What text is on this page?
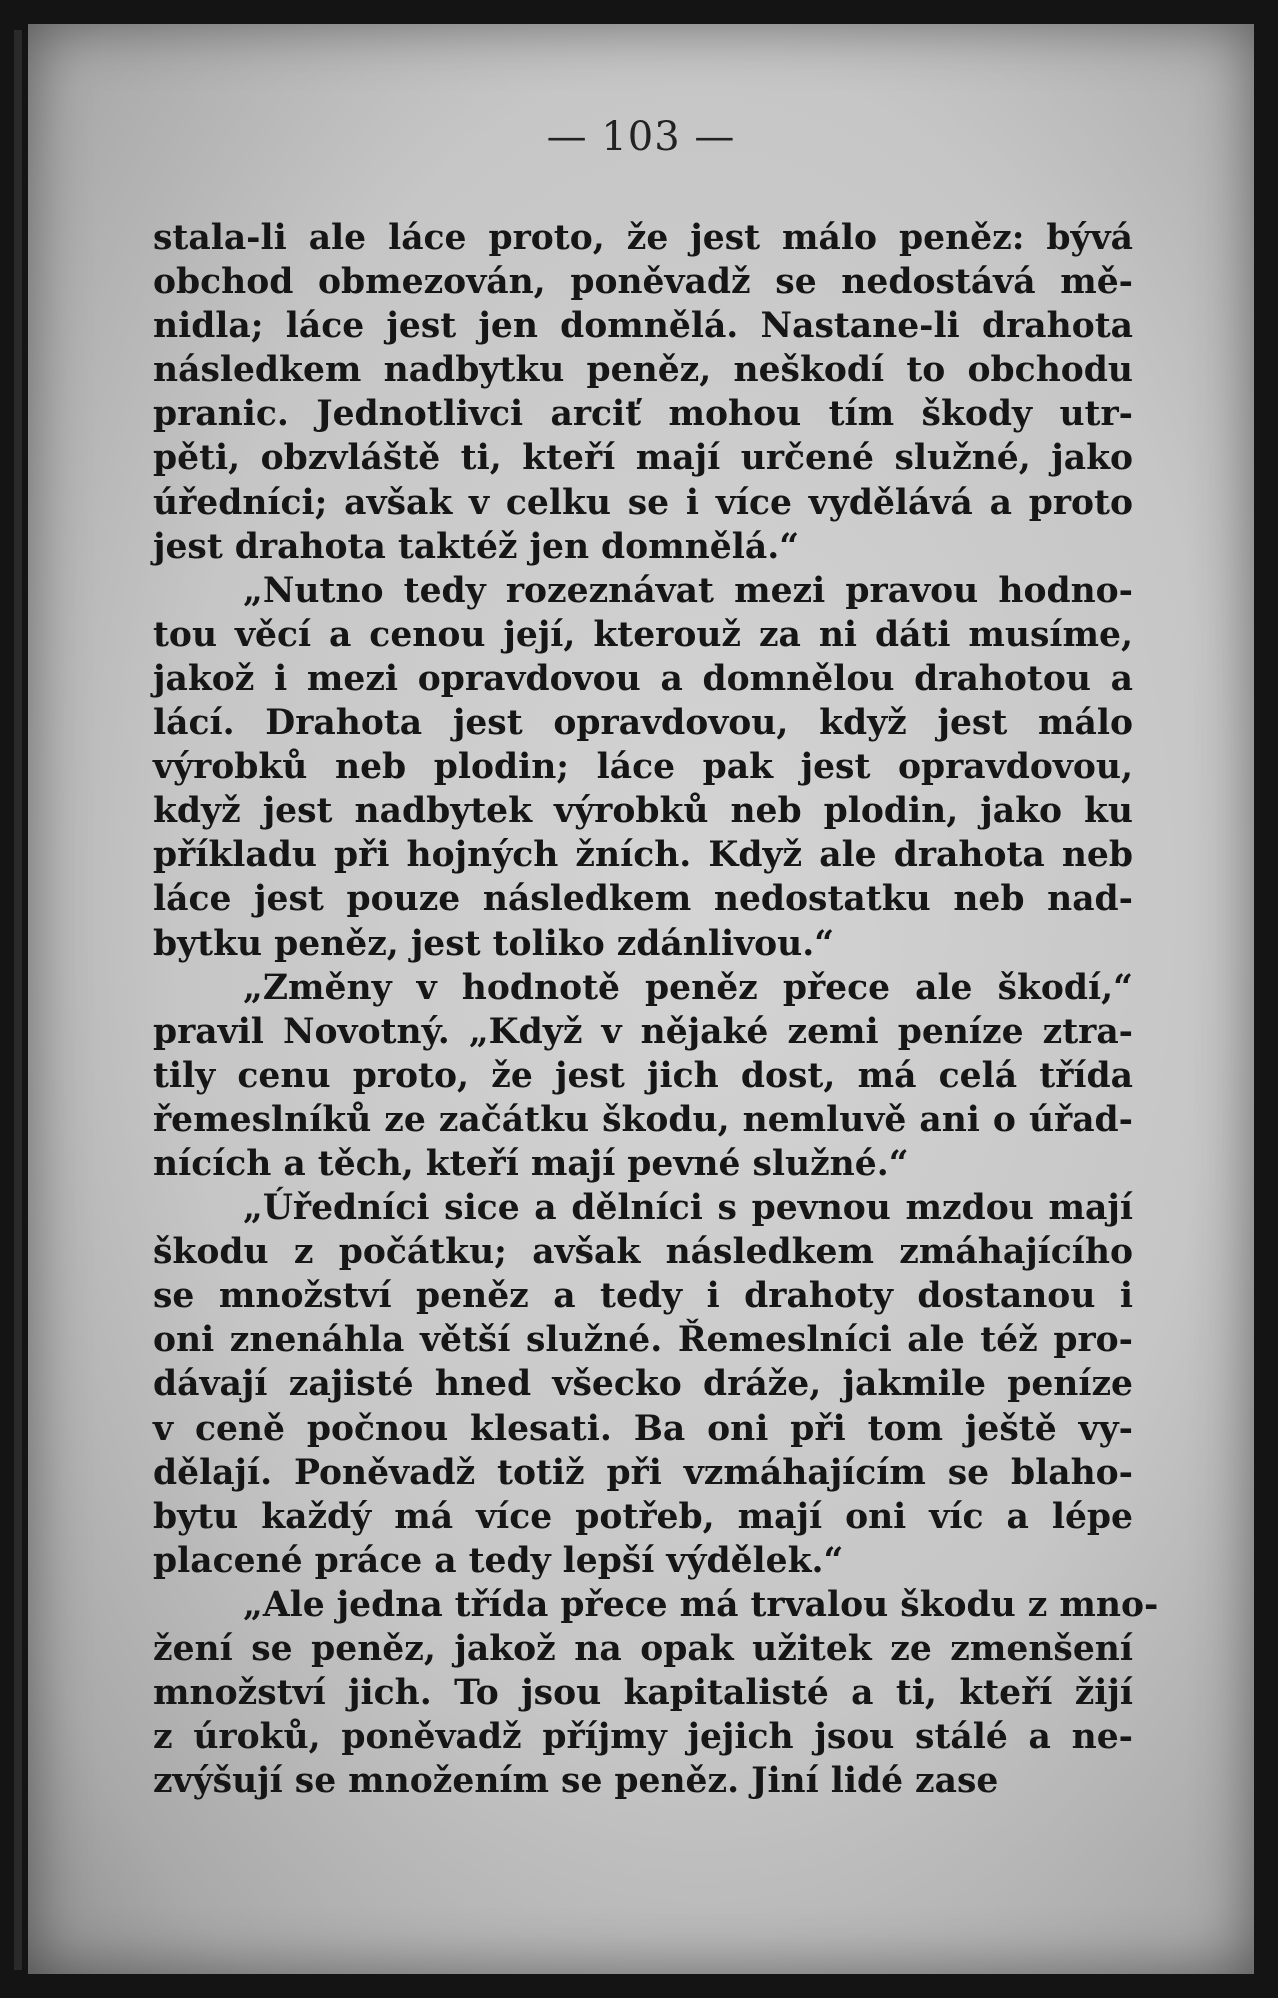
— 103 —

stala-li ale láce proto, že jest málo peněz: bývá
obchod obmezován, poněvadž se nedostává mě-
nidla; láce jest jen domnělá. Nastane-li drahota
následkem nadbytku peněz, neškodí to obchodu
pranic. Jednotlivci arciť mohou tím škody utr-
pěti, obzvláště ti, kteří mají určené služné, jako
úředníci; avšak v celku se i více vydělává a proto
jest drahota taktéž jen domnělá.“

„Nutno tedy rozeznávat mezi pravou hodno-
tou věcí a cenou její, kterouž za ni dáti musíme,
jakož i mezi opravdovou a domnělou drahotou a
lácí. Drahota jest opravdovou, když jest málo
výrobků neb plodin; láce pak jest opravdovou,
když jest nadbytek výrobků neb plodin, jako ku
příkladu při hojných žních. Když ale drahota neb
láce jest pouze následkem nedostatku neb nad-
bytku peněz, jest toliko zdánlivou.“

„Změny v hodnotě peněz přece ale škodí,“
pravil Novotný. „Když v nějaké zemi peníze ztra-
tily cenu proto, že jest jich dost, má celá třída
řemeslníků ze začátku škodu, nemluvě ani o úřad-
nících a těch, kteří mají pevné služné.“

„Úředníci sice a dělníci s pevnou mzdou mají
škodu z počátku; avšak následkem zmáhajícího
se množství peněz a tedy i drahoty dostanou i
oni znenáhla větší služné. Řemeslníci ale též pro-
dávají zajisté hned všecko dráže, jakmile peníze
v ceně počnou klesati. Ba oni při tom ještě vy-
dělají. Poněvadž totiž při vzmáhajícím se blaho-
bytu každý má více potřeb, mají oni víc a lépe
placené práce a tedy lepší výdělek.“

„Ale jedna třída přece má trvalou škodu z mno-
žení se peněz, jakož na opak užitek ze zmenšení
množství jich. To jsou kapitalisté a ti, kteří žijí
z úroků, poněvadž příjmy jejich jsou stálé a ne-
zvýšují se množením se peněz. Jiní lidé zase
